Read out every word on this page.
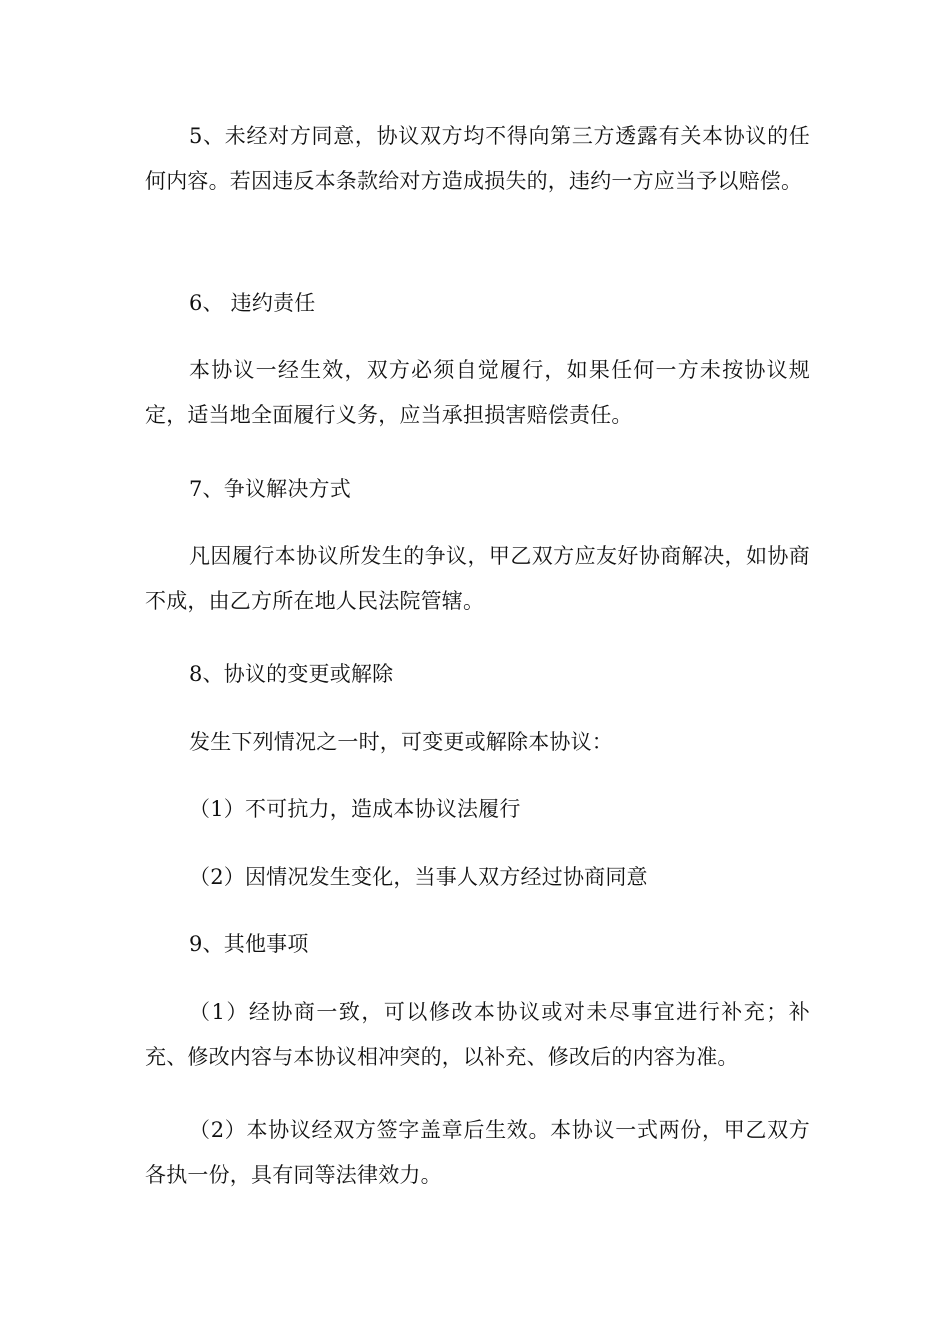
5、未经对方同意，协议双方均不得向第三方透露有关本协议的任何内容。若因违反本条款给对方造成损失的，违约一方应当予以赔偿。

6、 违约责任

本协议一经生效，双方必须自觉履行，如果任何一方未按协议规定，适当地全面履行义务，应当承担损害赔偿责任。

7、争议解决方式

凡因履行本协议所发生的争议，甲乙双方应友好协商解决，如协商不成，由乙方所在地人民法院管辖。

8、协议的变更或解除

发生下列情况之一时，可变更或解除本协议：

（1）不可抗力，造成本协议法履行

（2）因情况发生变化，当事人双方经过协商同意

9、其他事项

（1）经协商一致，可以修改本协议或对未尽事宜进行补充；补充、修改内容与本协议相冲突的，以补充、修改后的内容为准。

（2）本协议经双方签字盖章后生效。本协议一式两份，甲乙双方各执一份，具有同等法律效力。
